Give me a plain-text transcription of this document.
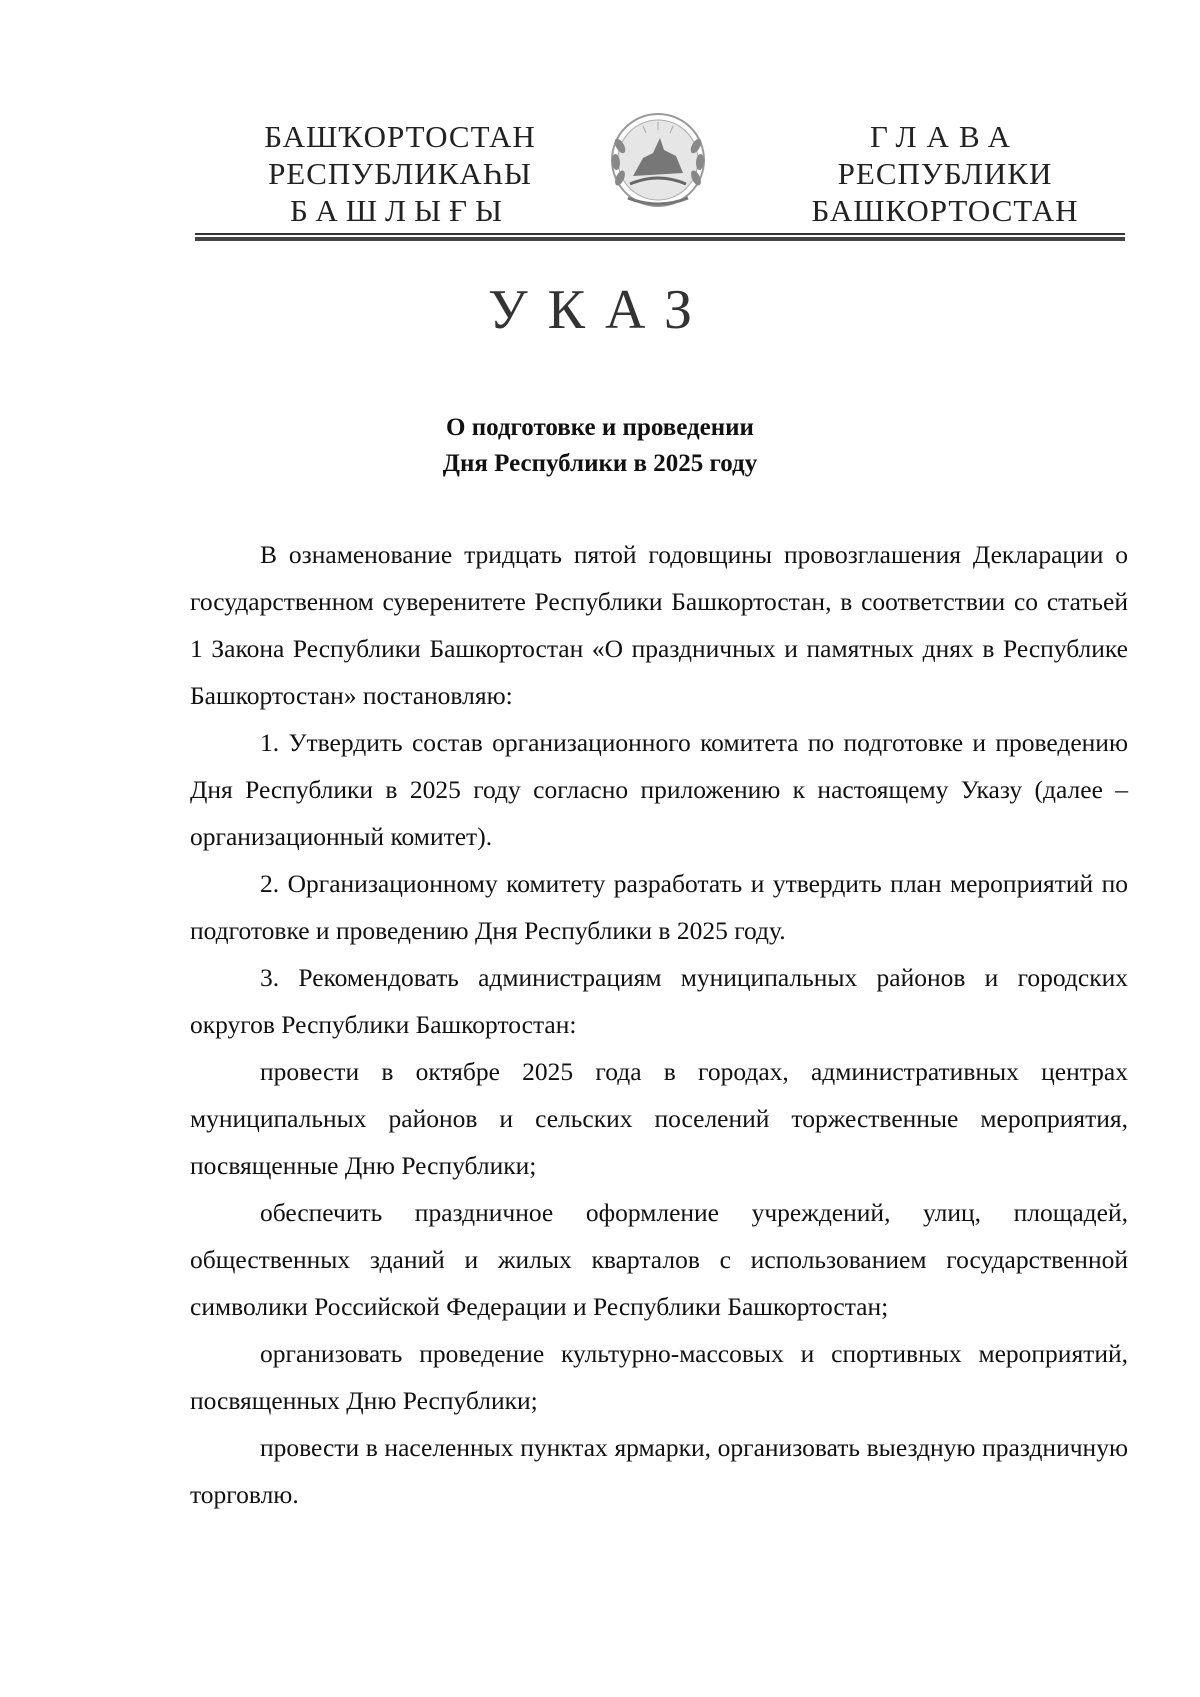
БАШҠОРТОСТАН
РЕСПУБЛИКАҺЫ
БАШЛЫҒЫ
ГЛАВА
РЕСПУБЛИКИ
БАШКОРТОСТАН
УКАЗ
О подготовке и проведении
Дня Республики в 2025 году

В ознаменование тридцать пятой годовщины провозглашения Декларации о государственном суверенитете Республики Башкортостан, в соответствии со статьей 1 Закона Республики Башкортостан «О праздничных и памятных днях в Республике Башкортостан» постановляю:

1. Утвердить состав организационного комитета по подготовке и проведению Дня Республики в 2025 году согласно приложению к настоящему Указу (далее – организационный комитет).

2. Организационному комитету разработать и утвердить план мероприятий по подготовке и проведению Дня Республики в 2025 году.

3. Рекомендовать администрациям муниципальных районов и городских округов Республики Башкортостан:

провести в октябре 2025 года в городах, административных центрах муниципальных районов и сельских поселений торжественные мероприятия, посвященные Дню Республики;

обеспечить праздничное оформление учреждений, улиц, площадей, общественных зданий и жилых кварталов с использованием государственной символики Российской Федерации и Республики Башкортостан;

организовать проведение культурно-массовых и спортивных мероприятий, посвященных Дню Республики;

провести в населенных пунктах ярмарки, организовать выездную праздничную торговлю.
